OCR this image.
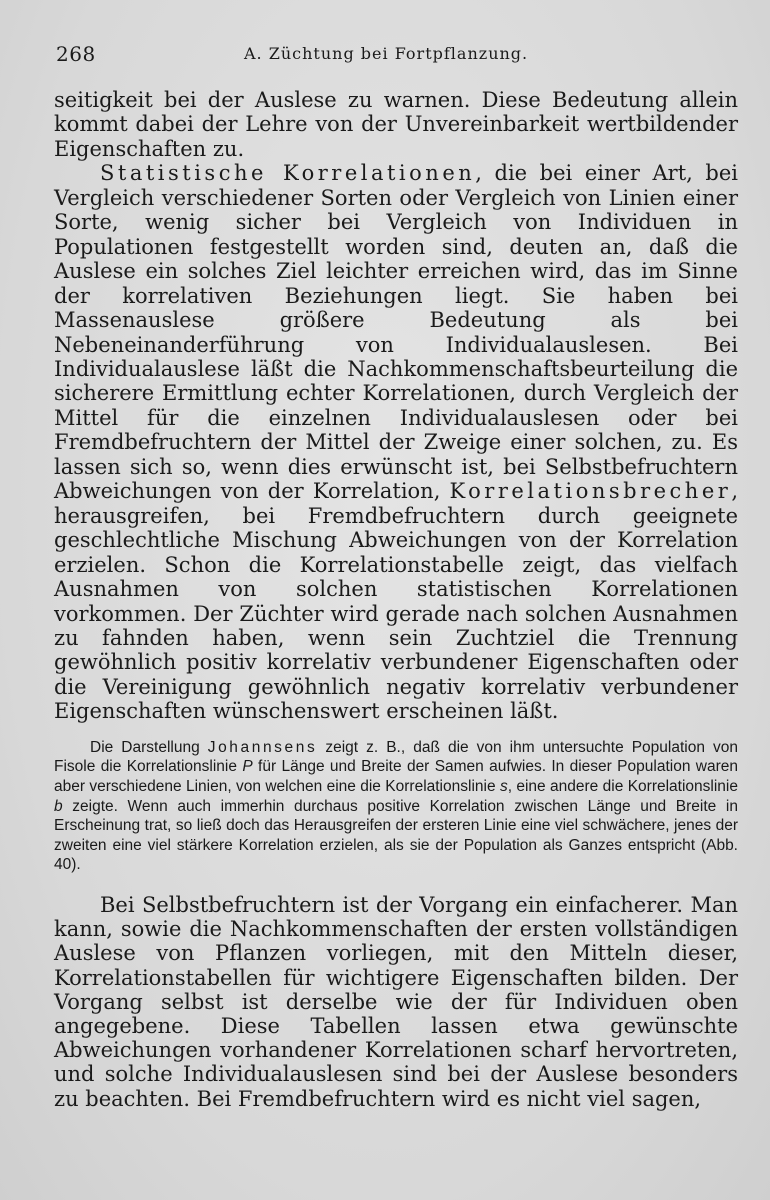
268	A. Züchtung bei Fortpflanzung.

seitigkeit bei der Auslese zu warnen. Diese Bedeutung allein kommt dabei der Lehre von der Unvereinbarkeit wertbildender Eigenschaften zu.

Statistische Korrelationen, die bei einer Art, bei Vergleich verschiedener Sorten oder Vergleich von Linien einer Sorte, wenig sicher bei Vergleich von Individuen in Populationen festgestellt worden sind, deuten an, daß die Auslese ein solches Ziel leichter erreichen wird, das im Sinne der korrelativen Beziehungen liegt. Sie haben bei Massenauslese größere Bedeutung als bei Nebeneinanderführung von Individualauslesen. Bei Individualauslese läßt die Nachkommenschaftsbeurteilung die sicherere Ermittlung echter Korrelationen, durch Vergleich der Mittel für die einzelnen Individualauslesen oder bei Fremdbefruchtern der Mittel der Zweige einer solchen, zu. Es lassen sich so, wenn dies erwünscht ist, bei Selbstbefruchtern Abweichungen von der Korrelation, Korrelationsbrecher, herausgreifen, bei Fremdbefruchtern durch geeignete geschlechtliche Mischung Abweichungen von der Korrelation erzielen. Schon die Korrelationstabelle zeigt, das vielfach Ausnahmen von solchen statistischen Korrelationen vorkommen. Der Züchter wird gerade nach solchen Ausnahmen zu fahnden haben, wenn sein Zuchtziel die Trennung gewöhnlich positiv korrelativ verbundener Eigenschaften oder die Vereinigung gewöhnlich negativ korrelativ verbundener Eigenschaften wünschenswert erscheinen läßt.

Die Darstellung Johannsens zeigt z. B., daß die von ihm untersuchte Population von Fisole die Korrelationslinie P für Länge und Breite der Samen aufwies. In dieser Population waren aber verschiedene Linien, von welchen eine die Korrelationslinie s, eine andere die Korrelationslinie b zeigte. Wenn auch immerhin durchaus positive Korrelation zwischen Länge und Breite in Erscheinung trat, so ließ doch das Herausgreifen der ersteren Linie eine viel schwächere, jenes der zweiten eine viel stärkere Korrelation erzielen, als sie der Population als Ganzes entspricht (Abb. 40).

Bei Selbstbefruchtern ist der Vorgang ein einfacherer. Man kann, sowie die Nachkommenschaften der ersten vollständigen Auslese von Pflanzen vorliegen, mit den Mitteln dieser, Korrelationstabellen für wichtigere Eigenschaften bilden. Der Vorgang selbst ist derselbe wie der für Individuen oben angegebene. Diese Tabellen lassen etwa gewünschte Abweichungen vorhandener Korrelationen scharf hervortreten, und solche Individualauslesen sind bei der Auslese besonders zu beachten. Bei Fremdbefruchtern wird es nicht viel sagen,
